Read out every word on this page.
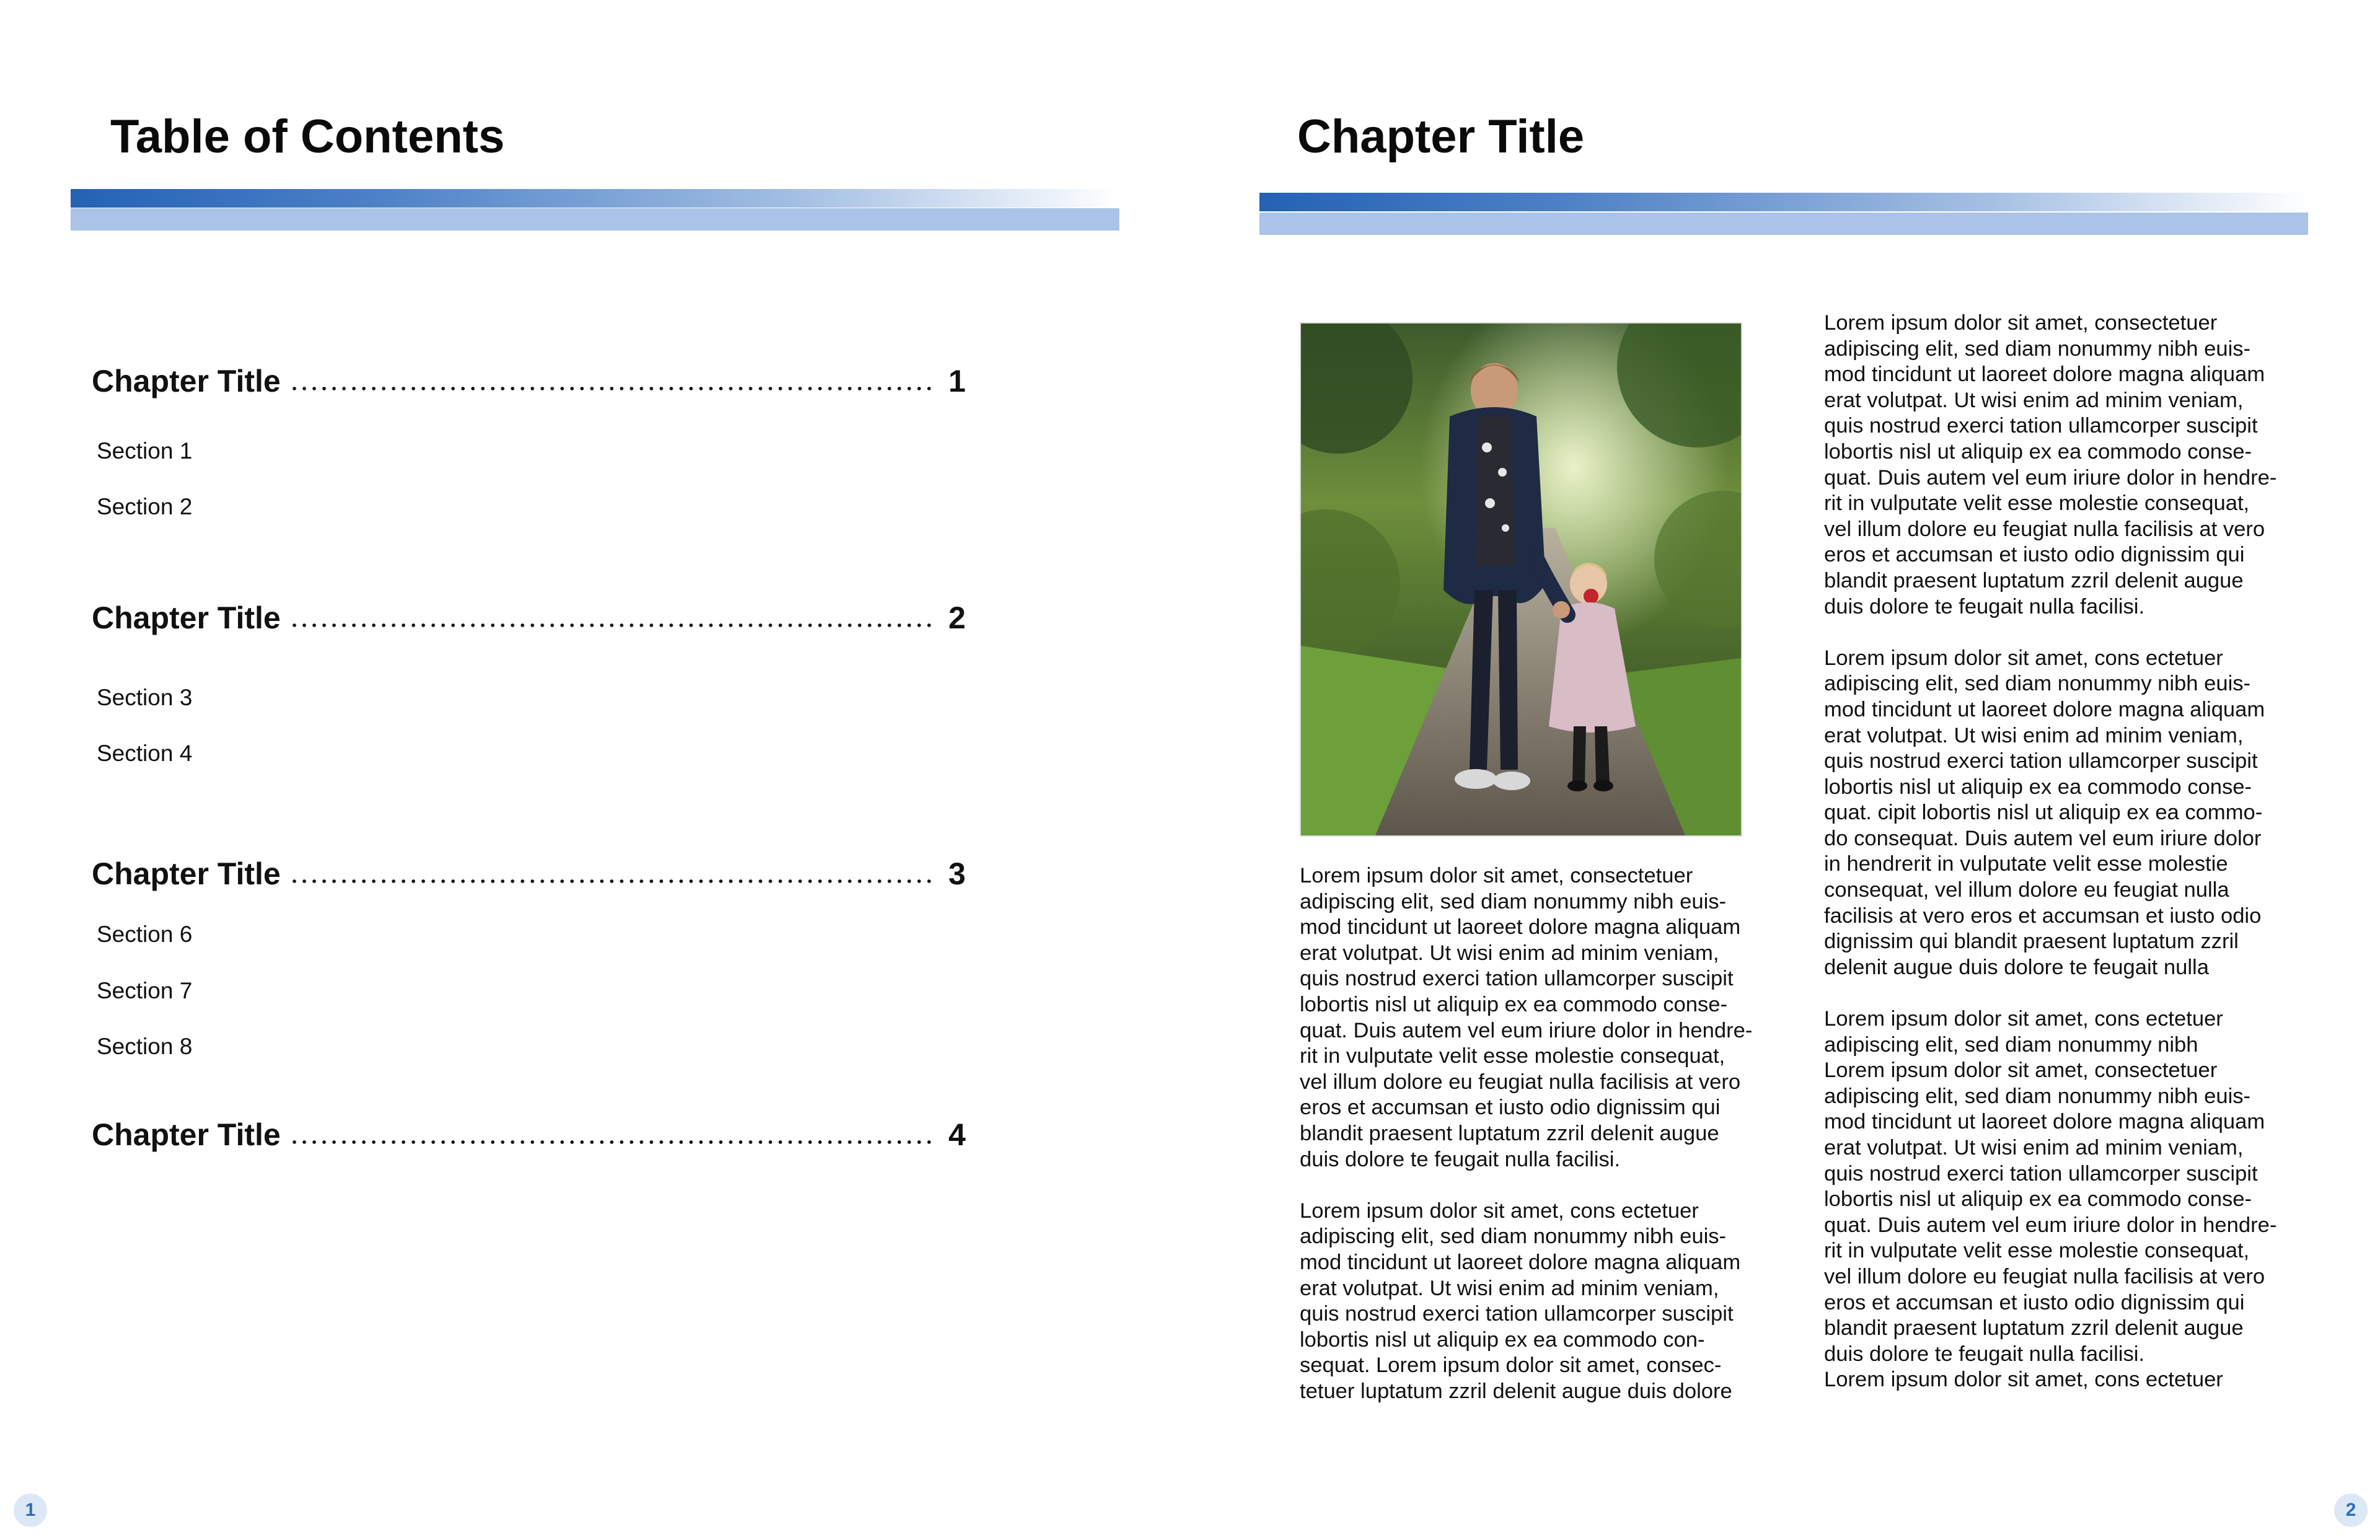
Table of Contents
Chapter Title	1
Section 1
Section 2
Chapter Title	2
Section 3
Section 4
Chapter Title	3
Section 6
Section 7
Section 8
Chapter Title	4
1
Chapter Title
2

Lorem ipsum dolor sit amet, consectetuer
adipiscing elit, sed diam nonummy nibh euis-
mod tincidunt ut laoreet dolore magna aliquam
erat volutpat. Ut wisi enim ad minim veniam,
quis nostrud exerci tation ullamcorper suscipit
lobortis nisl ut aliquip ex ea commodo conse-
quat. Duis autem vel eum iriure dolor in hendre-
rit in vulputate velit esse molestie consequat,
vel illum dolore eu feugiat nulla facilisis at vero
eros et accumsan et iusto odio dignissim qui
blandit praesent luptatum zzril delenit augue
duis dolore te feugait nulla facilisi.

Lorem ipsum dolor sit amet, cons ectetuer
adipiscing elit, sed diam nonummy nibh euis-
mod tincidunt ut laoreet dolore magna aliquam
erat volutpat. Ut wisi enim ad minim veniam,
quis nostrud exerci tation ullamcorper suscipit
lobortis nisl ut aliquip ex ea commodo con-
sequat. Lorem ipsum dolor sit amet, consec-
tetuer luptatum zzril delenit augue duis dolore

Lorem ipsum dolor sit amet, consectetuer
adipiscing elit, sed diam nonummy nibh euis-
mod tincidunt ut laoreet dolore magna aliquam
erat volutpat. Ut wisi enim ad minim veniam,
quis nostrud exerci tation ullamcorper suscipit
lobortis nisl ut aliquip ex ea commodo conse-
quat. Duis autem vel eum iriure dolor in hendre-
rit in vulputate velit esse molestie consequat,
vel illum dolore eu feugiat nulla facilisis at vero
eros et accumsan et iusto odio dignissim qui
blandit praesent luptatum zzril delenit augue
duis dolore te feugait nulla facilisi.

Lorem ipsum dolor sit amet, cons ectetuer
adipiscing elit, sed diam nonummy nibh euis-
mod tincidunt ut laoreet dolore magna aliquam
erat volutpat. Ut wisi enim ad minim veniam,
quis nostrud exerci tation ullamcorper suscipit
lobortis nisl ut aliquip ex ea commodo conse-
quat. cipit lobortis nisl ut aliquip ex ea commo-
do consequat. Duis autem vel eum iriure dolor
in hendrerit in vulputate velit esse molestie
consequat, vel illum dolore eu feugiat nulla
facilisis at vero eros et accumsan et iusto odio
dignissim qui blandit praesent luptatum zzril
delenit augue duis dolore te feugait nulla

Lorem ipsum dolor sit amet, cons ectetuer
adipiscing elit, sed diam nonummy nibh

Lorem ipsum dolor sit amet, consectetuer
adipiscing elit, sed diam nonummy nibh euis-
mod tincidunt ut laoreet dolore magna aliquam
erat volutpat. Ut wisi enim ad minim veniam,
quis nostrud exerci tation ullamcorper suscipit
lobortis nisl ut aliquip ex ea commodo conse-
quat. Duis autem vel eum iriure dolor in hendre-
rit in vulputate velit esse molestie consequat,
vel illum dolore eu feugiat nulla facilisis at vero
eros et accumsan et iusto odio dignissim qui
blandit praesent luptatum zzril delenit augue
duis dolore te feugait nulla facilisi.
Lorem ipsum dolor sit amet, cons ectetuer
